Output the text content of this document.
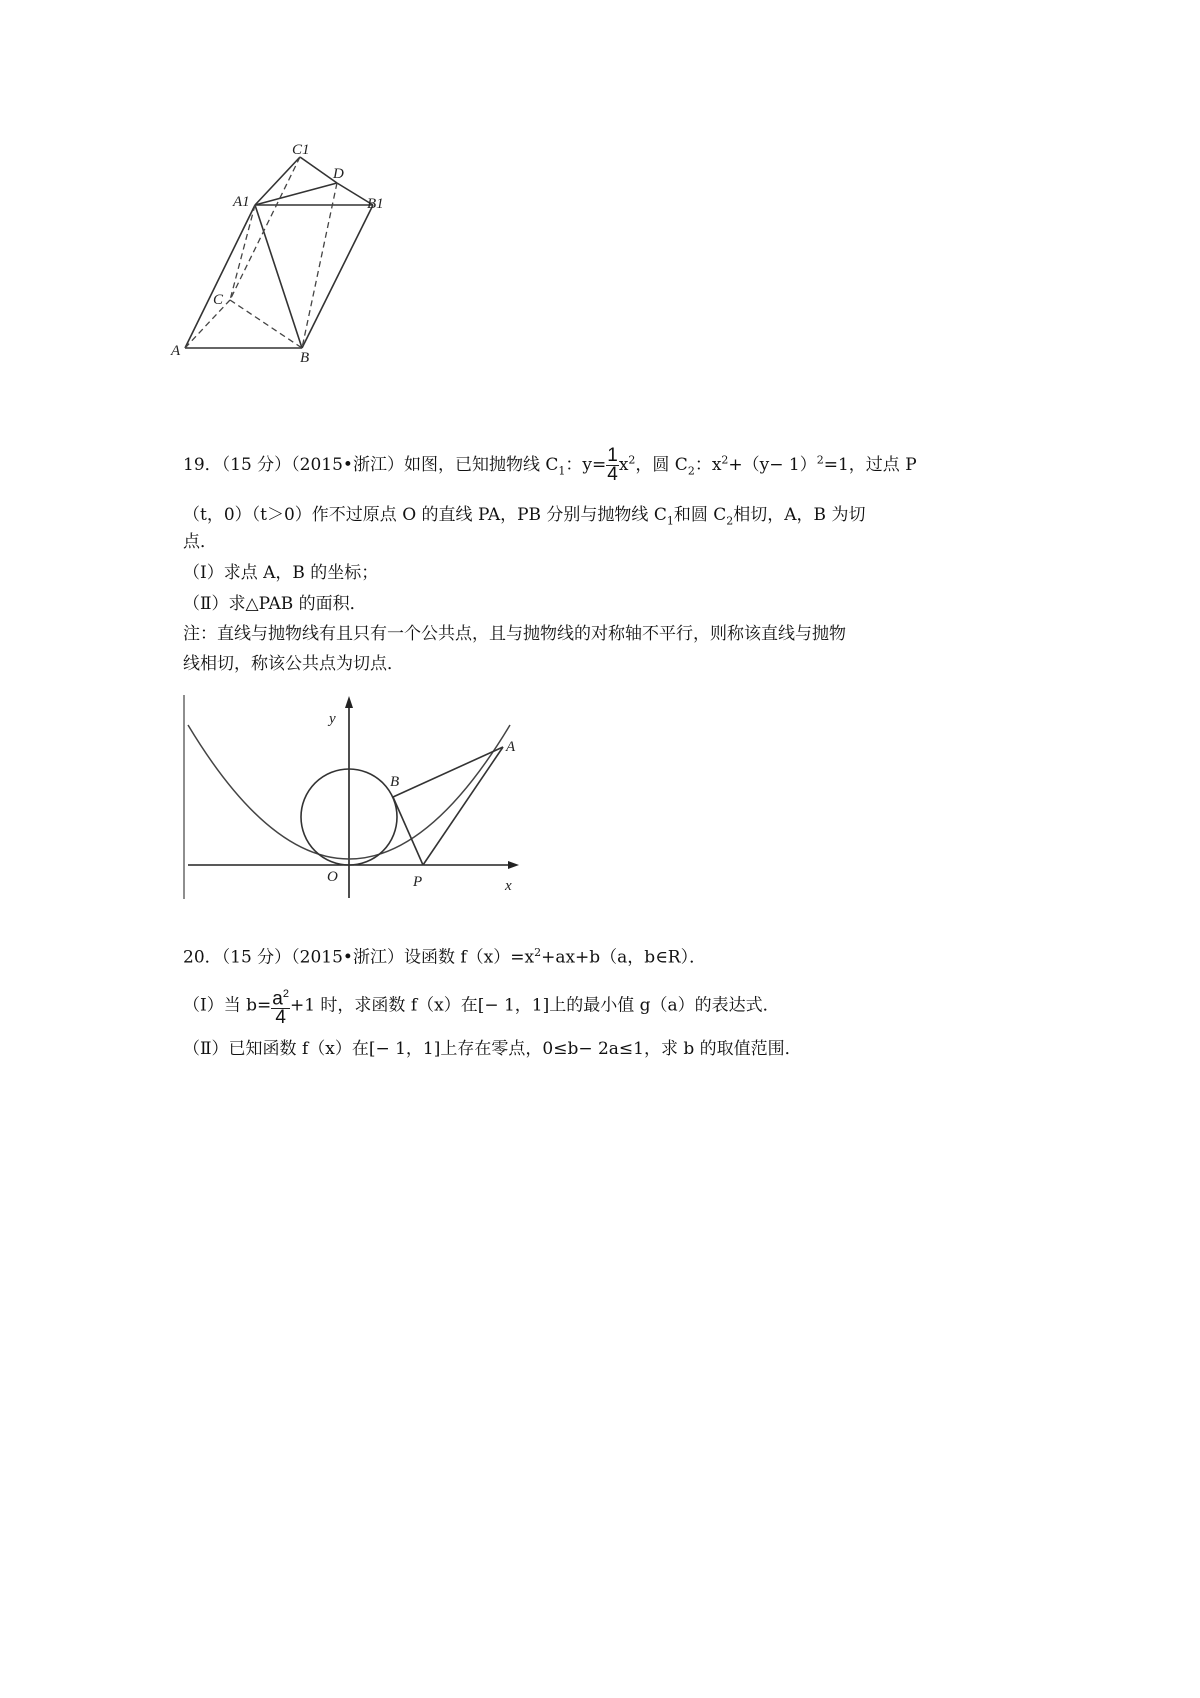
C1
D
A1	B1
C
A	B
19．（15 分）（2015•浙江）如图，已知抛物线 $C_1$：$y= \frac{1}{4} x^2$，圆 $C_2$：$x^2+(y- 1)^2=1$，过点 P
（t，0）（t＞0）作不过原点 O 的直线 PA，PB 分别与抛物线 $C_1$和圆 $C_2$相切，A，B 为切
点．
（Ⅰ）求点 A，B 的坐标；
（Ⅱ）求△PAB 的面积．
注：直线与抛物线有且只有一个公共点，且与抛物线的对称轴不平行，则称该直线与抛物
线相切，称该公共点为切点．
y
x
O	P
A
B
20．（15 分）（2015•浙江）设函数 $f(x)=x^2+ax+b(a$，b∈R）．
（Ⅰ）当 $b= \frac{a^2}{4} +1$ 时，求函数 f（x）在[− 1，1]上的最小值 g（a）的表达式．
（Ⅱ）已知函数 f（x）在[− 1，1]上存在零点，0≤b− 2a≤1，求 b 的取值范围．
